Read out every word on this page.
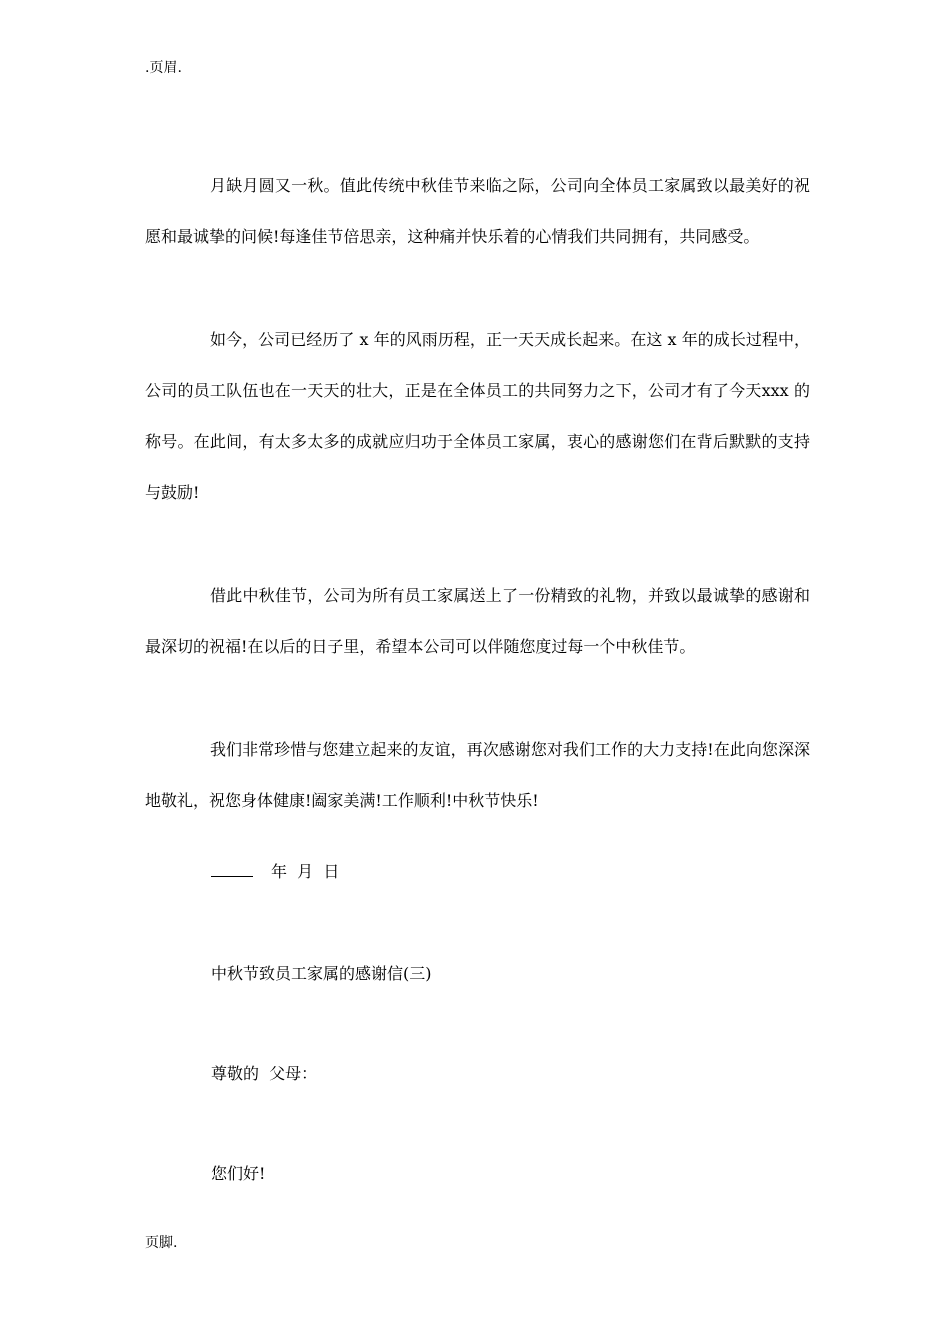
.页眉.

月缺月圆又一秋。值此传统中秋佳节来临之际，公司向全体员工家属致以最美好的祝愿和最诚挚的问候!每逢佳节倍思亲，这种痛并快乐着的心情我们共同拥有，共同感受。

如今，公司已经历了 x 年的风雨历程，正一天天成长起来。在这 x 年的成长过程中，公司的员工队伍也在一天天的壮大，正是在全体员工的共同努力之下，公司才有了今天xxx 的称号。在此间，有太多太多的成就应归功于全体员工家属，衷心的感谢您们在背后默默的支持与鼓励!

借此中秋佳节，公司为所有员工家属送上了一份精致的礼物，并致以最诚挚的感谢和最深切的祝福!在以后的日子里，希望本公司可以伴随您度过每一个中秋佳节。

我们非常珍惜与您建立起来的友谊，再次感谢您对我们工作的大力支持!在此向您深深地敬礼，祝您身体健康!阖家美满!工作顺利!中秋节快乐!

年  月  日
中秋节致员工家属的感谢信(三)
尊敬的  父母：
您们好!
页脚.
